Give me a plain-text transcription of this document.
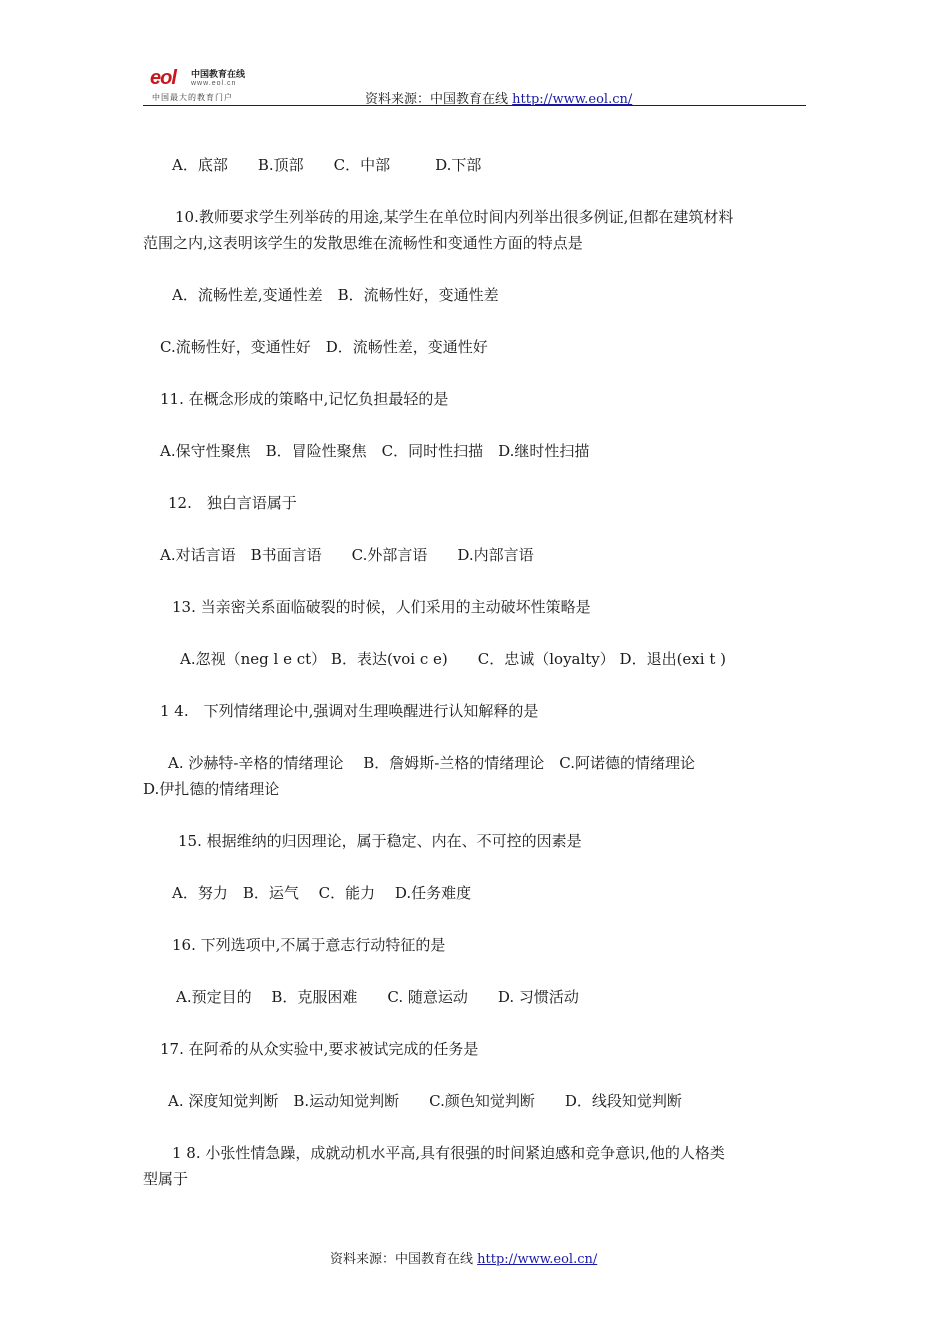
eol 中国教育在线
www.eol.cn
中国最大的教育门户	资料来源：中国教育在线 http://www.eol.cn/
A．底部　　B.顶部　　C．中部　　　D.下部
10.教师要求学生列举砖的用途,某学生在单位时间内列举出很多例证,但都在建筑材料
范围之内,这表明该学生的发散思维在流畅性和变通性方面的特点是
A．流畅性差,变通性差　B．流畅性好，变通性差
C.流畅性好，变通性好　D．流畅性差，变通性好
11. 在概念形成的策略中,记忆负担最轻的是
A.保守性聚焦　B．冒险性聚焦　C．同时性扫描　D.继时性扫描
12.　独白言语属于
A.对话言语　B书面言语　　C.外部言语　　D.内部言语
13. 当亲密关系面临破裂的时候，人们采用的主动破坏性策略是
A.忽视（neg l e ct） B．表达(voi c e)　　C．忠诚（loyalty） D．退出(exi t )
1 4.　下列情绪理论中,强调对生理唤醒进行认知解释的是
A. 沙赫特-辛格的情绪理论　 B．詹姆斯-兰格的情绪理论　C.阿诺德的情绪理论
D.伊扎德的情绪理论
15. 根据维纳的归因理论，属于稳定、内在、不可控的因素是
A．努力　B．运气　 C．能力　 D.任务难度
16. 下列选项中,不属于意志行动特征的是
A.预定目的　 B．克服困难　　C. 随意运动　　D. 习惯活动
17. 在阿希的从众实验中,要求被试完成的任务是
A. 深度知觉判断　B.运动知觉判断　　C.颜色知觉判断　　D．线段知觉判断
1 8. 小张性情急躁，成就动机水平高,具有很强的时间紧迫感和竞争意识,他的人格类
型属于
资料来源：中国教育在线 http://www.eol.cn/
